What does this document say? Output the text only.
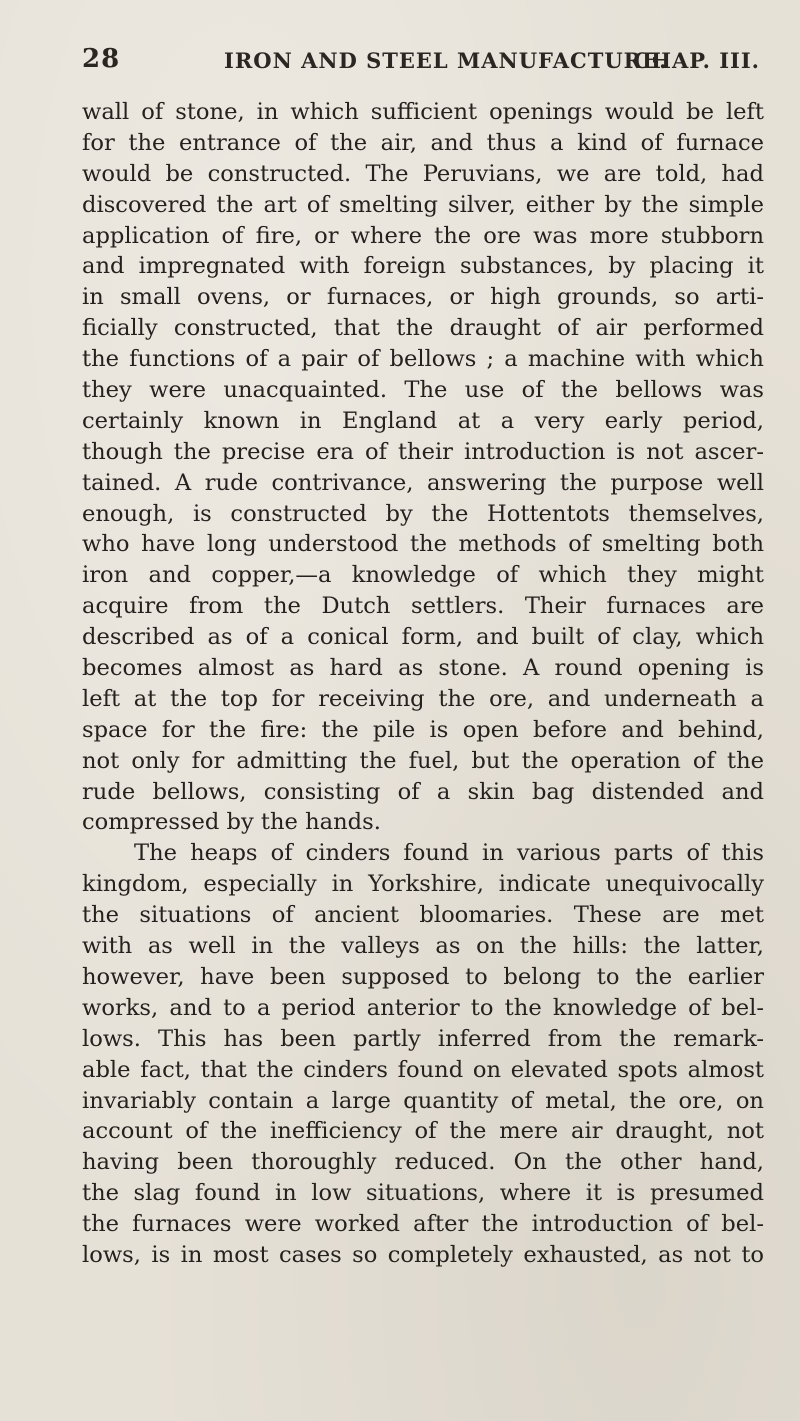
28	IRON AND STEEL MANUFACTURE.
CHAP. III.
wall of stone, in which sufficient openings would be left
for the entrance of the air, and thus a kind of furnace
would be constructed. The Peruvians, we are told, had
discovered the art of smelting silver, either by the simple
application of fire, or where the ore was more stubborn
and impregnated with foreign substances, by placing it
in small ovens, or furnaces, or high grounds, so arti-
ficially constructed, that the draught of air performed
the functions of a pair of bellows ; a machine with which
they were unacquainted. The use of the bellows was
certainly known in England at a very early period,
though the precise era of their introduction is not ascer-
tained. A rude contrivance, answering the purpose well
enough, is constructed by the Hottentots themselves,
who have long understood the methods of smelting both
iron and copper,—a knowledge of which they might
acquire from the Dutch settlers. Their furnaces are
described as of a conical form, and built of clay, which
becomes almost as hard as stone. A round opening is
left at the top for receiving the ore, and underneath a
space for the fire: the pile is open before and behind,
not only for admitting the fuel, but the operation of the
rude bellows, consisting of a skin bag distended and
compressed by the hands.
The heaps of cinders found in various parts of this
kingdom, especially in Yorkshire, indicate unequivocally
the situations of ancient bloomaries. These are met
with as well in the valleys as on the hills: the latter,
however, have been supposed to belong to the earlier
works, and to a period anterior to the knowledge of bel-
lows. This has been partly inferred from the remark-
able fact, that the cinders found on elevated spots almost
invariably contain a large quantity of metal, the ore, on
account of the inefficiency of the mere air draught, not
having been thoroughly reduced. On the other hand,
the slag found in low situations, where it is presumed
the furnaces were worked after the introduction of bel-
lows, is in most cases so completely exhausted, as not to
